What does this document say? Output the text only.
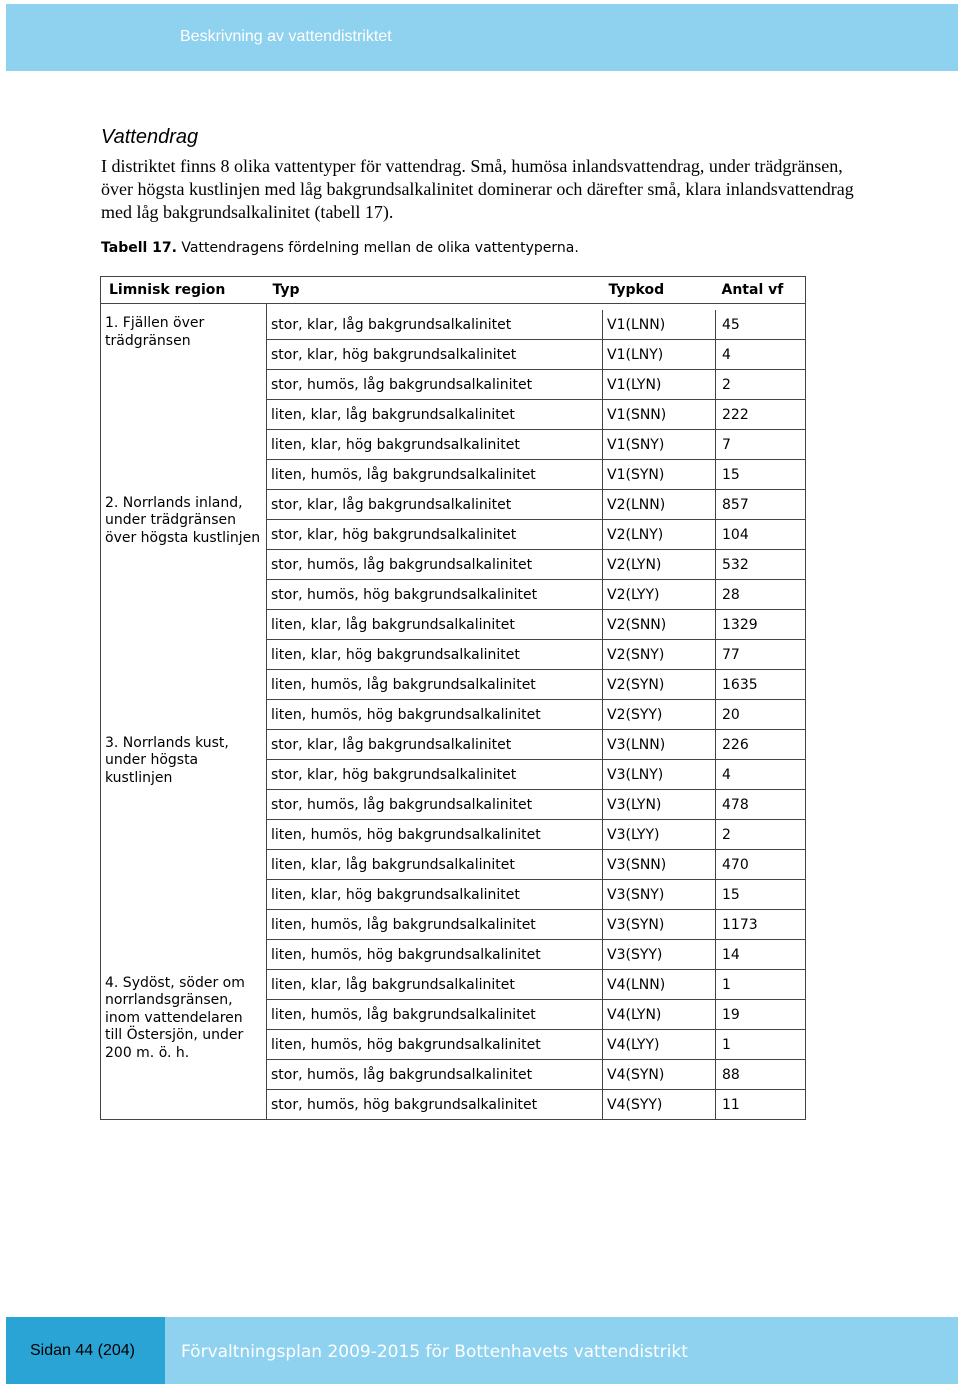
Beskrivning av vattendistriktet
Vattendrag
I distriktet finns 8 olika vattentyper för vattendrag. Små, humösa inlandsvattendrag, under trädgränsen, över högsta kustlinjen med låg bakgrundsalkalinitet dominerar och därefter små, klara inlandsvattendrag med låg bakgrundsalkalinitet (tabell 17).
Tabell 17. Vattendragens fördelning mellan de olika vattentyperna.
Limnisk region	Typ	Typkod	Antal vf

1. Fjällen över trädgränsen	stor, klar, låg bakgrundsalkalinitet	V1(LNN)	45
	stor, klar, hög bakgrundsalkalinitet	V1(LNY)	4
	stor, humös, låg bakgrundsalkalinitet	V1(LYN)	2
	liten, klar, låg bakgrundsalkalinitet	V1(SNN)	222
	liten, klar, hög bakgrundsalkalinitet	V1(SNY)	7
	liten, humös, låg bakgrundsalkalinitet	V1(SYN)	15
2. Norrlands inland, under trädgränsen över högsta kustlinjen	stor, klar, låg bakgrundsalkalinitet	V2(LNN)	857
	stor, klar, hög bakgrundsalkalinitet	V2(LNY)	104
	stor, humös, låg bakgrundsalkalinitet	V2(LYN)	532
	stor, humös, hög bakgrundsalkalinitet	V2(LYY)	28
	liten, klar, låg bakgrundsalkalinitet	V2(SNN)	1329
	liten, klar, hög bakgrundsalkalinitet	V2(SNY)	77
	liten, humös, låg bakgrundsalkalinitet	V2(SYN)	1635
	liten, humös, hög bakgrundsalkalinitet	V2(SYY)	20
3. Norrlands kust, under högsta kustlinjen	stor, klar, låg bakgrundsalkalinitet	V3(LNN)	226
	stor, klar, hög bakgrundsalkalinitet	V3(LNY)	4
	stor, humös, låg bakgrundsalkalinitet	V3(LYN)	478
	liten, humös, hög bakgrundsalkalinitet	V3(LYY)	2
	liten, klar, låg bakgrundsalkalinitet	V3(SNN)	470
	liten, klar, hög bakgrundsalkalinitet	V3(SNY)	15
	liten, humös, låg bakgrundsalkalinitet	V3(SYN)	1173
	liten, humös, hög bakgrundsalkalinitet	V3(SYY)	14
4. Sydöst, söder om norrlandsgränsen, inom vattendelaren till Östersjön, under 200 m. ö. h.	liten, klar, låg bakgrundsalkalinitet	V4(LNN)	1
	liten, humös, låg bakgrundsalkalinitet	V4(LYN)	19
	liten, humös, hög bakgrundsalkalinitet	V4(LYY)	1
	stor, humös, låg bakgrundsalkalinitet	V4(SYN)	88
	stor, humös, hög bakgrundsalkalinitet	V4(SYY)	11
Sidan 44 (204)	Förvaltningsplan 2009-2015 för Bottenhavets vattendistrikt
